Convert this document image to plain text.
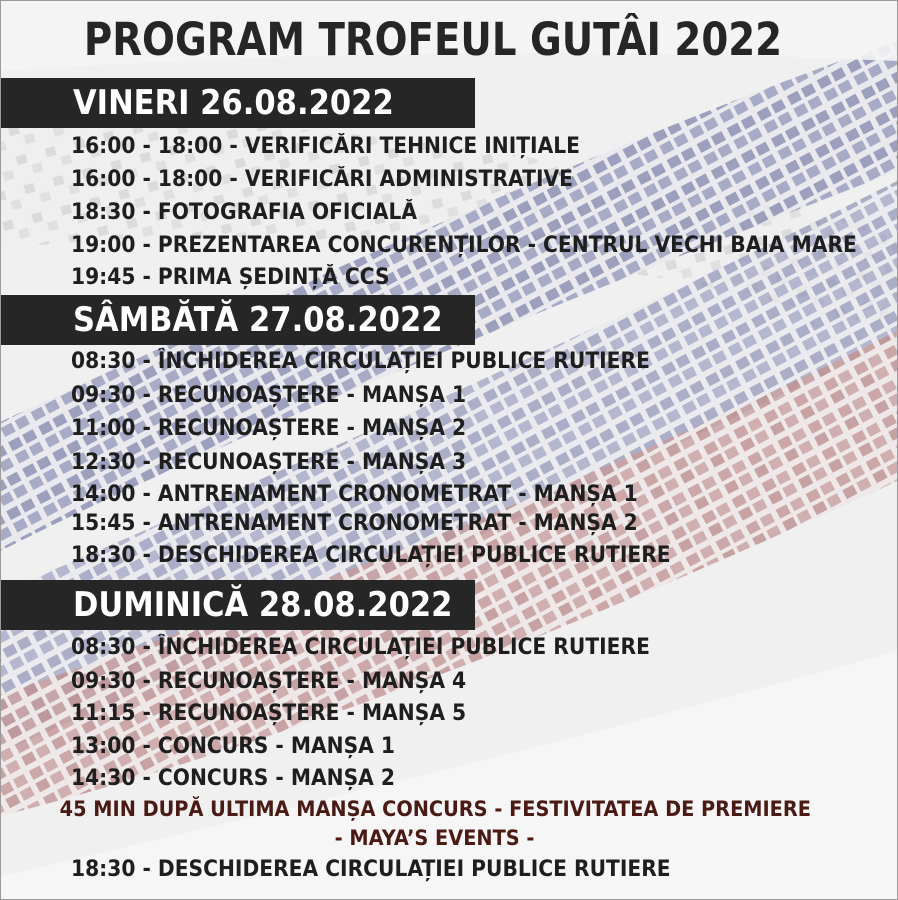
PROGRAM TROFEUL GUTÂI 2022
VINERI 26.08.2022
16:00 - 18:00 - VERIFICĂRI TEHNICE INIȚIALE
16:00 - 18:00 - VERIFICĂRI ADMINISTRATIVE
18:30 - FOTOGRAFIA OFICIALĂ
19:00 - PREZENTAREA CONCURENȚILOR - CENTRUL VECHI BAIA MARE
19:45 - PRIMA ȘEDINȚĂ CCS
SÂMBĂTĂ 27.08.2022
08:30 - ÎNCHIDEREA CIRCULAȚIEI PUBLICE RUTIERE
09:30 - RECUNOAȘTERE - MANȘA 1
11:00 - RECUNOAȘTERE - MANȘA 2
12:30 - RECUNOAȘTERE - MANȘA 3
14:00 - ANTRENAMENT CRONOMETRAT - MANȘA 1
15:45 - ANTRENAMENT CRONOMETRAT - MANȘA 2
18:30 - DESCHIDEREA CIRCULAȚIEI PUBLICE RUTIERE
DUMINICĂ 28.08.2022
08:30 - ÎNCHIDEREA CIRCULAȚIEI PUBLICE RUTIERE
09:30 - RECUNOAȘTERE - MANȘA 4
11:15 - RECUNOAȘTERE - MANȘA 5
13:00 - CONCURS - MANȘA 1
14:30 - CONCURS - MANȘA 2
45 MIN DUPĂ ULTIMA MANȘA CONCURS - FESTIVITATEA DE PREMIERE
- MAYA’S EVENTS -
18:30 - DESCHIDEREA CIRCULAȚIEI PUBLICE RUTIERE
